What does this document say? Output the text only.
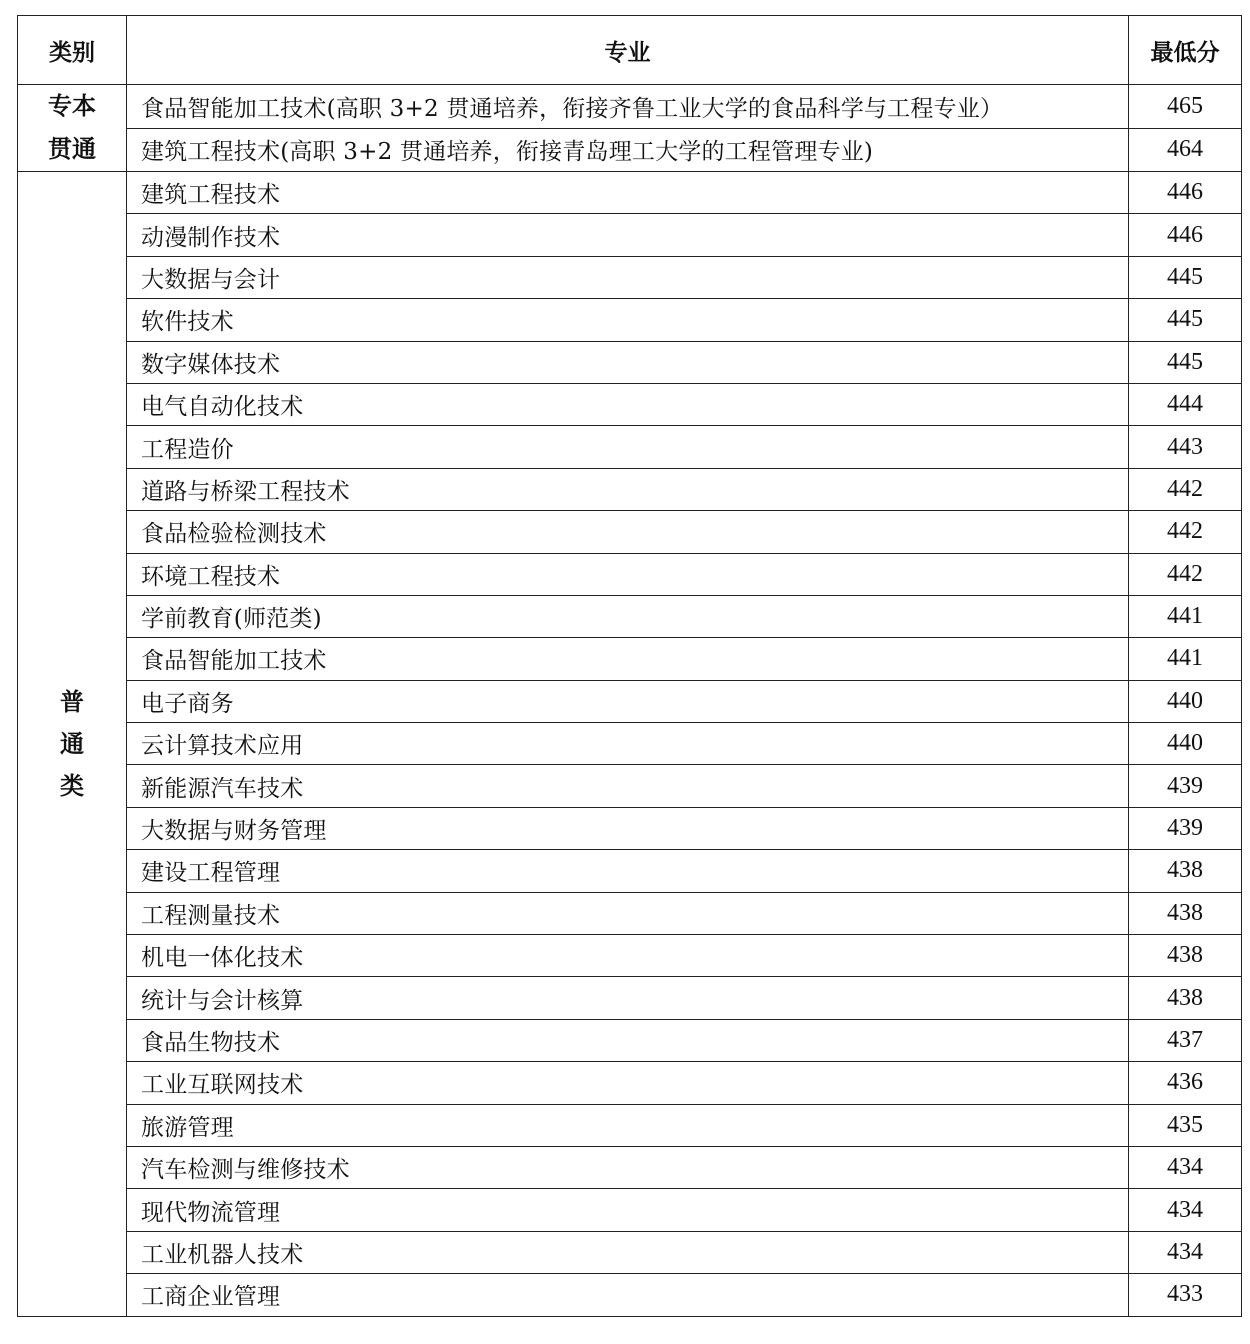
类别	专业	最低分
专本贯通	食品智能加工技术(高职 3+2 贯通培养，衔接齐鲁工业大学的食品科学与工程专业）	465
	建筑工程技术(高职 3+2 贯通培养，衔接青岛理工大学的工程管理专业)	464
普通类	建筑工程技术	446
	动漫制作技术	446
	大数据与会计	445
	软件技术	445
	数字媒体技术	445
	电气自动化技术	444
	工程造价	443
	道路与桥梁工程技术	442
	食品检验检测技术	442
	环境工程技术	442
	学前教育(师范类)	441
	食品智能加工技术	441
	电子商务	440
	云计算技术应用	440
	新能源汽车技术	439
	大数据与财务管理	439
	建设工程管理	438
	工程测量技术	438
	机电一体化技术	438
	统计与会计核算	438
	食品生物技术	437
	工业互联网技术	436
	旅游管理	435
	汽车检测与维修技术	434
	现代物流管理	434
	工业机器人技术	434
	工商企业管理	433
